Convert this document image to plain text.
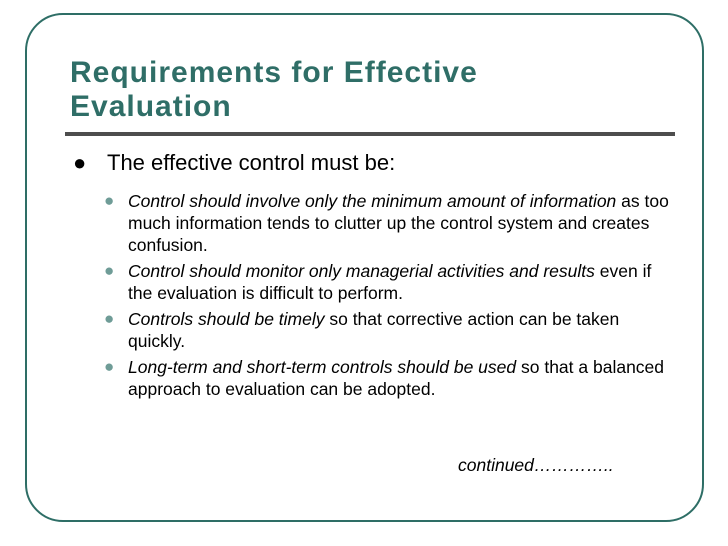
Requirements for Effective
Evaluation
● The effective control must be:
● Control should involve only the minimum amount of information as too much information tends to clutter up the control system and creates confusion.
● Control should monitor only managerial activities and results even if the evaluation is difficult to perform.
● Controls should be timely so that corrective action can be taken quickly.
● Long-term and short-term controls should be used so that a balanced approach to evaluation can be adopted.
continued…………..
